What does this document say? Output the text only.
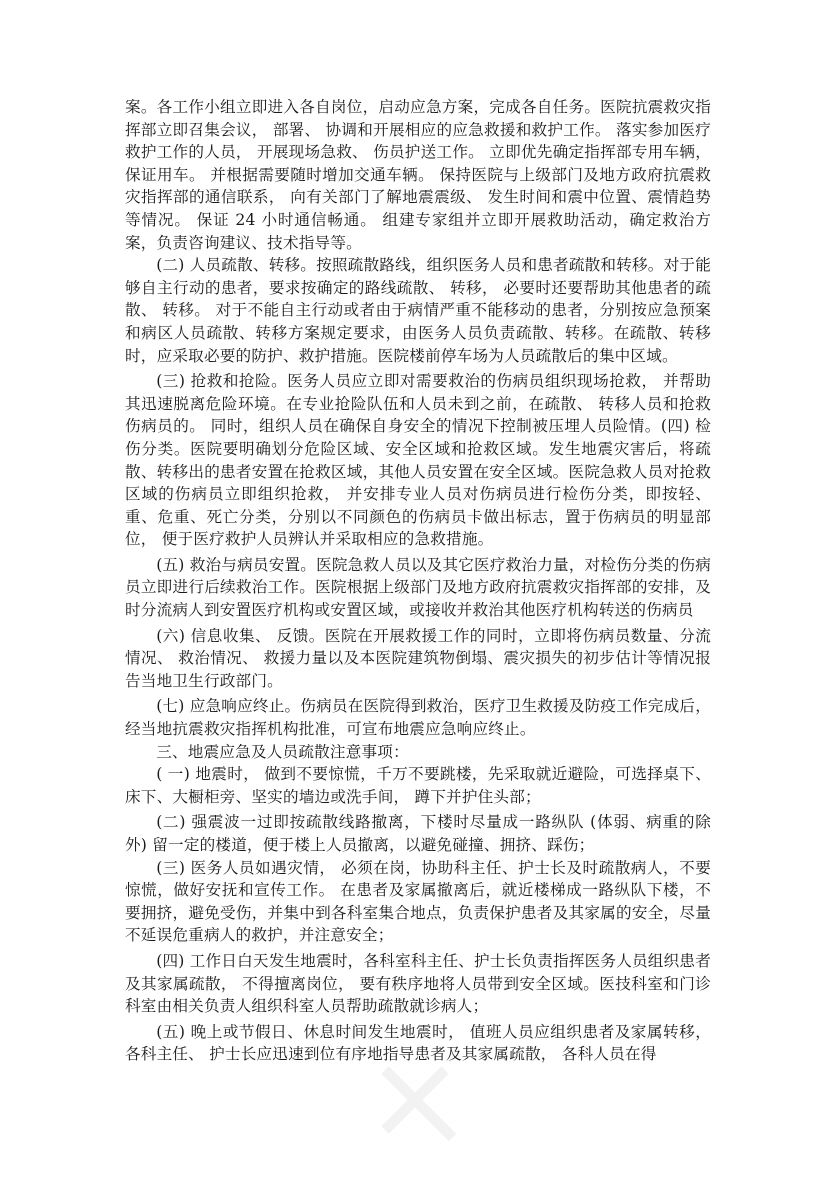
案。各工作小组立即进入各自岗位，启动应急方案，完成各自任务。医院抗震救灾指挥部立即召集会议， 部署、 协调和开展相应的应急救援和救护工作。 落实参加医疗救护工作的人员， 开展现场急救、 伤员护送工作。 立即优先确定指挥部专用车辆， 保证用车。 并根据需要随时增加交通车辆。 保持医院与上级部门及地方政府抗震救灾指挥部的通信联系， 向有关部门了解地震震级、 发生时间和震中位置、震情趋势等情况。 保证 24 小时通信畅通。 组建专家组并立即开展救助活动，确定救治方案，负责咨询建议、技术指导等。

(二) 人员疏散、转移。按照疏散路线，组织医务人员和患者疏散和转移。对于能够自主行动的患者，要求按确定的路线疏散、 转移， 必要时还要帮助其他患者的疏散、 转移。 对于不能自主行动或者由于病情严重不能移动的患者，分别按应急预案和病区人员疏散、转移方案规定要求，由医务人员负责疏散、转移。在疏散、转移时，应采取必要的防护、救护措施。医院楼前停车场为人员疏散后的集中区域。

(三) 抢救和抢险。医务人员应立即对需要救治的伤病员组织现场抢救， 并帮助其迅速脱离危险环境。在专业抢险队伍和人员未到之前，在疏散、 转移人员和抢救伤病员的。 同时，组织人员在确保自身安全的情况下控制被压埋人员险情。(四) 检伤分类。医院要明确划分危险区域、安全区域和抢救区域。发生地震灾害后，将疏散、转移出的患者安置在抢救区域，其他人员安置在安全区域。医院急救人员对抢救区域的伤病员立即组织抢救， 并安排专业人员对伤病员进行检伤分类，即按轻、重、危重、死亡分类，分别以不同颜色的伤病员卡做出标志，置于伤病员的明显部位， 便于医疗救护人员辨认并采取相应的急救措施。

(五) 救治与病员安置。医院急救人员以及其它医疗救治力量，对检伤分类的伤病员立即进行后续救治工作。医院根据上级部门及地方政府抗震救灾指挥部的安排，及时分流病人到安置医疗机构或安置区域，或接收并救治其他医疗机构转送的伤病员

(六) 信息收集、 反馈。医院在开展救援工作的同时，立即将伤病员数量、分流情况、 救治情况、 救援力量以及本医院建筑物倒塌、震灾损失的初步估计等情况报告当地卫生行政部门。

(七) 应急响应终止。伤病员在医院得到救治，医疗卫生救援及防疫工作完成后，经当地抗震救灾指挥机构批准，可宣布地震应急响应终止。

三、地震应急及人员疏散注意事项：

( 一) 地震时， 做到不要惊慌，千万不要跳楼，先采取就近避险，可选择桌下、床下、大橱柜旁、坚实的墙边或洗手间， 蹲下并护住头部；

(二) 强震波一过即按疏散线路撤离，下楼时尽量成一路纵队 (体弱、病重的除外) 留一定的楼道，便于楼上人员撤离，以避免碰撞、拥挤、踩伤；

(三) 医务人员如遇灾情， 必须在岗，协助科主任、护士长及时疏散病人，不要惊慌，做好安抚和宣传工作。 在患者及家属撤离后，就近楼梯成一路纵队下楼，不要拥挤，避免受伤，并集中到各科室集合地点，负责保护患者及其家属的安全，尽量不延误危重病人的救护，并注意安全；

(四) 工作日白天发生地震时，各科室科主任、护士长负责指挥医务人员组织患者及其家属疏散， 不得擅离岗位， 要有秩序地将人员带到安全区域。医技科室和门诊科室由相关负责人组织科室人员帮助疏散就诊病人；

(五) 晚上或节假日、休息时间发生地震时， 值班人员应组织患者及家属转移， 各科主任、 护士长应迅速到位有序地指导患者及其家属疏散， 各科人员在得
